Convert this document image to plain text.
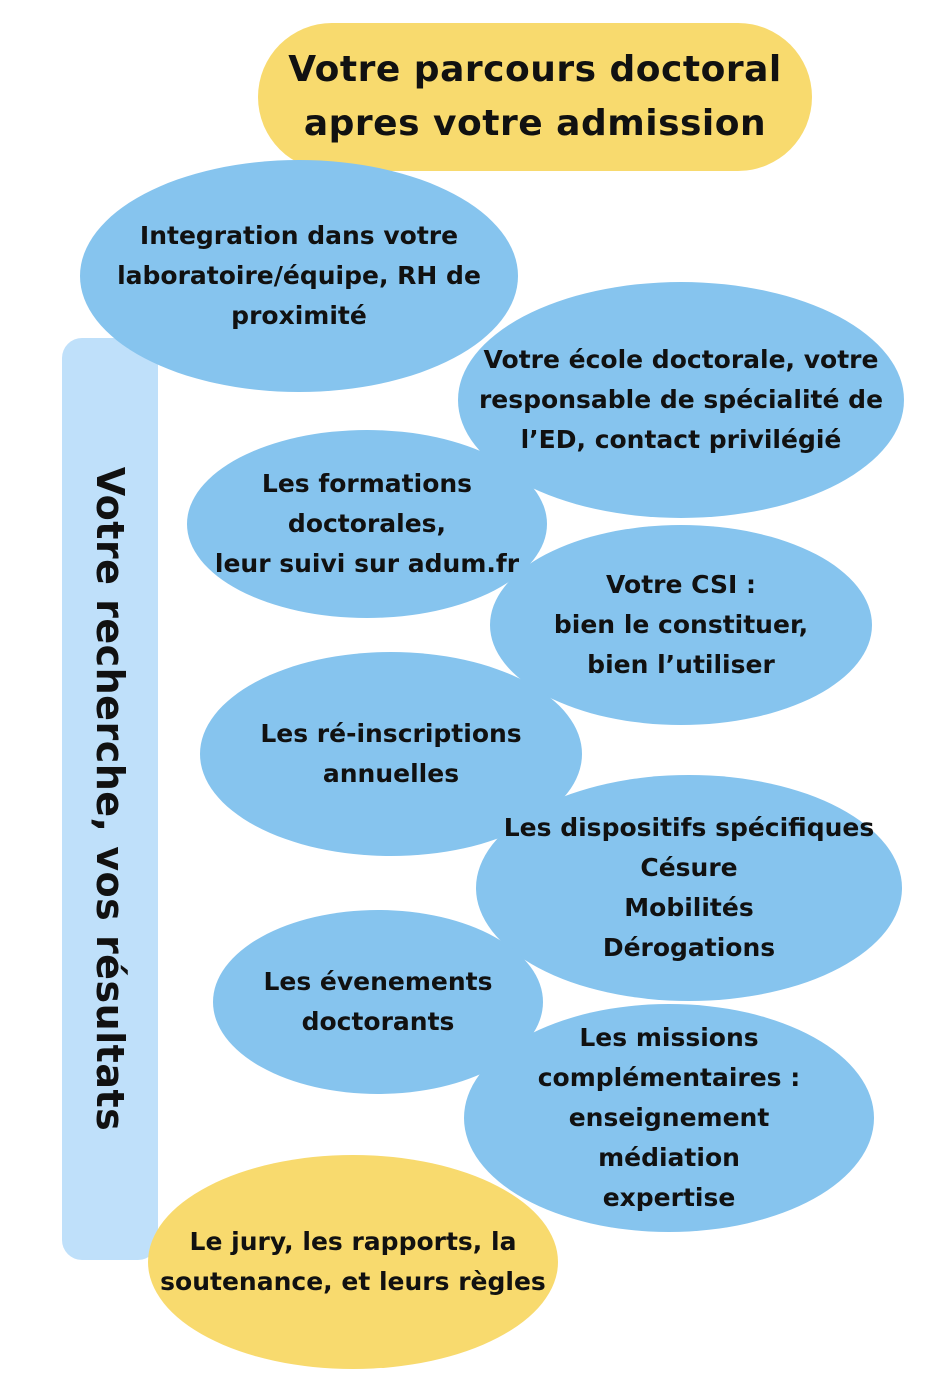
Votre parcours doctoral
apres votre admission
Votre recherche, vos résultats
Integration dans votre
laboratoire/équipe, RH de
proximité
Votre école doctorale, votre
responsable de spécialité de
l’ED, contact privilégié
Les formations
doctorales,
leur suivi sur adum.fr
Votre CSI :
bien le constituer,
bien l’utiliser
Les ré-inscriptions
annuelles
Les dispositifs spécifiques
Césure
Mobilités
Dérogations
Les évenements
doctorants
Les missions
complémentaires :
enseignement
médiation
expertise
Le jury, les rapports, la
soutenance, et leurs règles
